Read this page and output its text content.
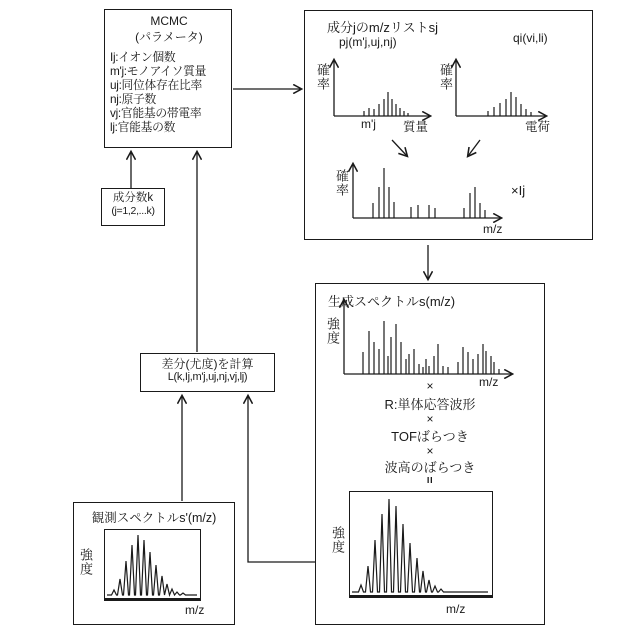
MCMC
(パラメータ)
Ij:イオン個数
m'j:モノアイソ質量
uj:同位体存在比率
nj:原子数
vj:官能基の帯電率
lj:官能基の数
成分数k
(j=1,2,...k)
成分jのm/zリストsj
pj(m'j,uj,nj)	qi(vi,li)
確率
m'j 質量
確率
電荷
確率
m/z
×Ij
生成スペクトルs(m/z)
強度
m/z
×
R:単体応答波形
×
TOFばらつき
×
波高のばらつき
=
強度
m/z
差分(尤度)を計算
L(k,Ij,m'j,uj,nj,vj,lj)
観測スペクトルs'(m/z)
強度
m/z
